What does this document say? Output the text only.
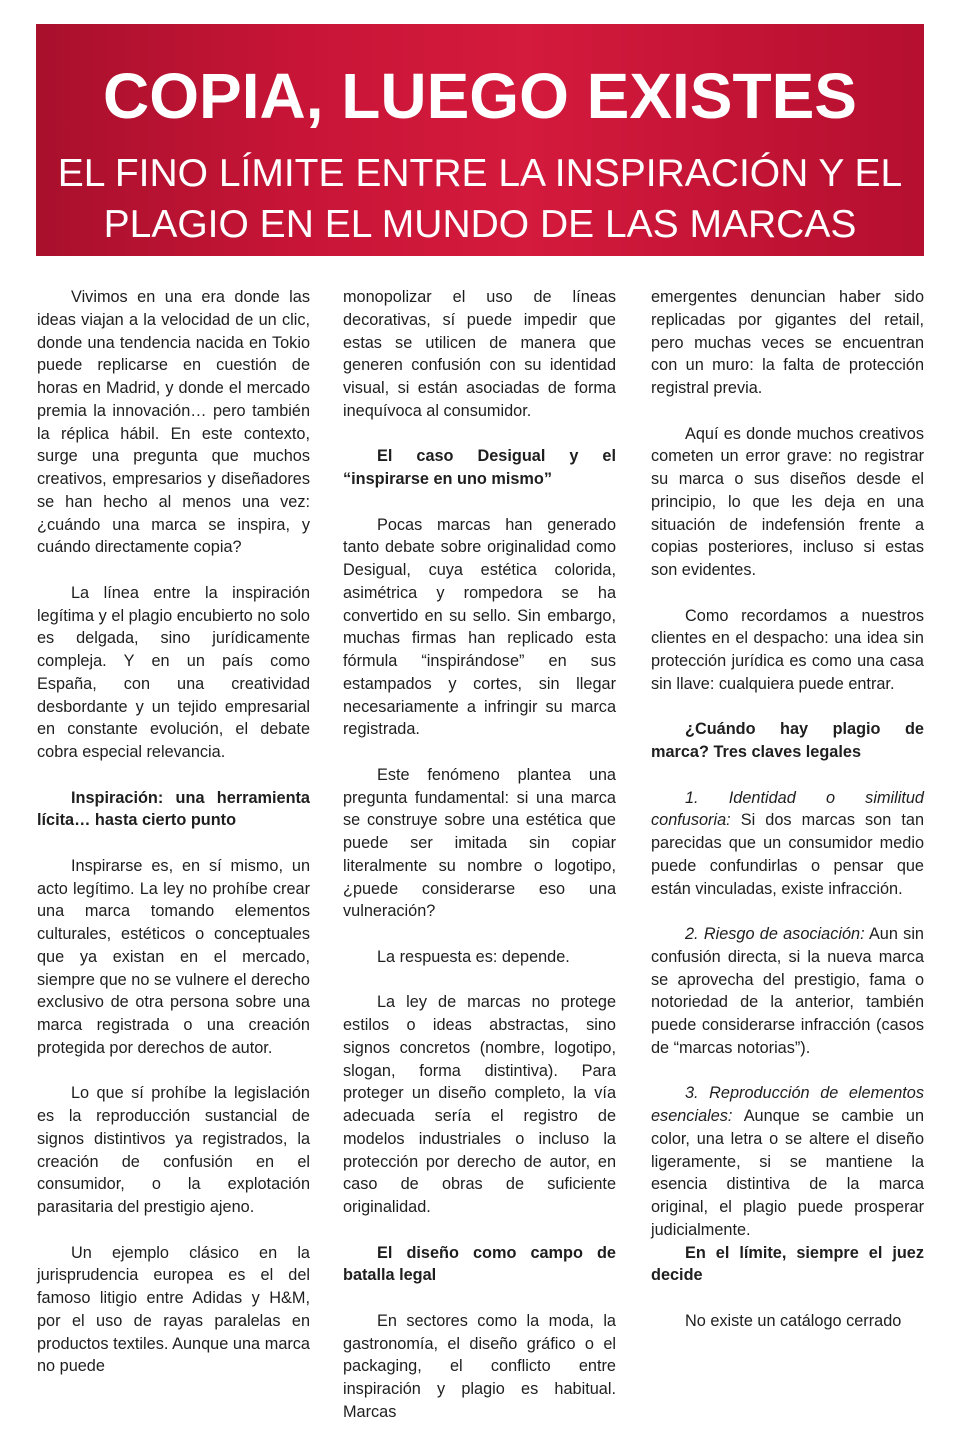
COPIA, LUEGO EXISTES
EL FINO LÍMITE ENTRE LA INSPIRACIÓN Y EL
PLAGIO EN EL MUNDO DE LAS MARCAS

Vivimos en una era donde las ideas viajan a la velocidad de un clic, donde una tendencia nacida en Tokio puede replicarse en cuestión de horas en Madrid, y donde el mercado premia la innovación… pero también la réplica hábil. En este contexto, surge una pregunta que muchos creativos, empresarios y diseñadores se han hecho al menos una vez: ¿cuándo una marca se inspira, y cuándo directamente copia?

La línea entre la inspiración legítima y el plagio encubierto no solo es delgada, sino jurídicamente compleja. Y en un país como España, con una creatividad desbordante y un tejido empresarial en constante evolución, el debate cobra especial relevancia.

Inspiración: una herramienta lícita… hasta cierto punto

Inspirarse es, en sí mismo, un acto legítimo. La ley no prohíbe crear una marca tomando elementos culturales, estéticos o conceptuales que ya existan en el mercado, siempre que no se vulnere el derecho exclusivo de otra persona sobre una marca registrada o una creación protegida por derechos de autor.

Lo que sí prohíbe la legislación es la reproducción sustancial de signos distintivos ya registrados, la creación de confusión en el consumidor, o la explotación parasitaria del prestigio ajeno.

Un ejemplo clásico en la jurisprudencia europea es el del famoso litigio entre Adidas y H&M, por el uso de rayas paralelas en productos textiles. Aunque una marca no puede

monopolizar el uso de líneas decorativas, sí puede impedir que estas se utilicen de manera que generen confusión con su identidad visual, si están asociadas de forma inequívoca al consumidor.

El caso Desigual y el “inspirarse en uno mismo”

Pocas marcas han generado tanto debate sobre originalidad como Desigual, cuya estética colorida, asimétrica y rompedora se ha convertido en su sello. Sin embargo, muchas firmas han replicado esta fórmula “inspirándose” en sus estampados y cortes, sin llegar necesariamente a infringir su marca registrada.

Este fenómeno plantea una pregunta fundamental: si una marca se construye sobre una estética que puede ser imitada sin copiar literalmente su nombre o logotipo, ¿puede considerarse eso una vulneración?

La respuesta es: depende.

La ley de marcas no protege estilos o ideas abstractas, sino signos concretos (nombre, logotipo, slogan, forma distintiva). Para proteger un diseño completo, la vía adecuada sería el registro de modelos industriales o incluso la protección por derecho de autor, en caso de obras de suficiente originalidad.

El diseño como campo de batalla legal

En sectores como la moda, la gastronomía, el diseño gráfico o el packaging, el conflicto entre inspiración y plagio es habitual. Marcas

emergentes denuncian haber sido replicadas por gigantes del retail, pero muchas veces se encuentran con un muro: la falta de protección registral previa.

Aquí es donde muchos creativos cometen un error grave: no registrar su marca o sus diseños desde el principio, lo que les deja en una situación de indefensión frente a copias posteriores, incluso si estas son evidentes.

Como recordamos a nuestros clientes en el despacho: una idea sin protección jurídica es como una casa sin llave: cualquiera puede entrar.

¿Cuándo hay plagio de marca? Tres claves legales

1. Identidad o similitud confusoria: Si dos marcas son tan parecidas que un consumidor medio puede confundirlas o pensar que están vinculadas, existe infracción.

2. Riesgo de asociación: Aun sin confusión directa, si la nueva marca se aprovecha del prestigio, fama o notoriedad de la anterior, también puede considerarse infracción (casos de “marcas notorias”).

3. Reproducción de elementos esenciales: Aunque se cambie un color, una letra o se altere el diseño ligeramente, si se mantiene la esencia distintiva de la marca original, el plagio puede prosperar judicialmente.

En el límite, siempre el juez decide

No existe un catálogo cerrado
